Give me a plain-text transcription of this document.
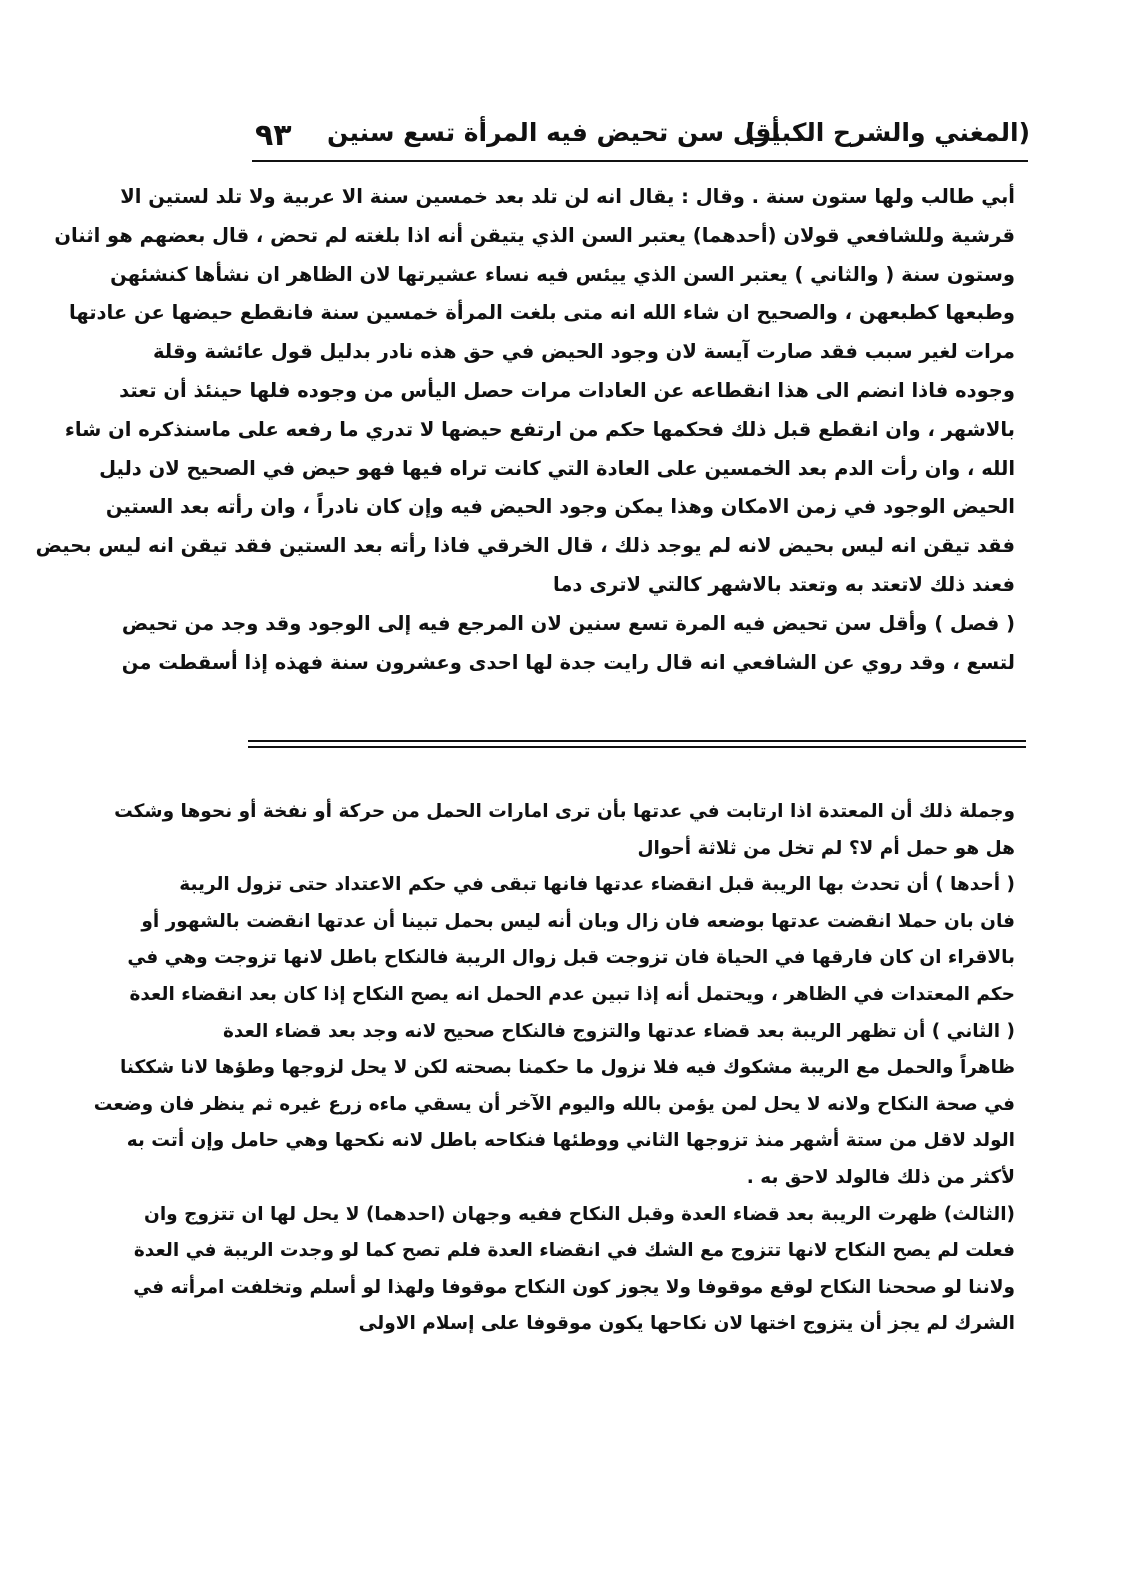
(المغني والشرح الكبير)
أقل سن تحيض فيه المرأة تسع سنين
٩٣
أبي طالب ولها ستون سنة . وقال : يقال انه لن تلد بعد خمسين سنة الا عربية ولا تلد لستين الا
قرشية وللشافعي قولان (أحدهما) يعتبر السن الذي يتيقن أنه اذا بلغته لم تحض ، قال بعضهم هو اثنان
وستون سنة ( والثاني ) يعتبر السن الذي ييئس فيه نساء عشيرتها لان الظاهر ان نشأها كنشئهن
وطبعها كطبعهن ، والصحيح ان شاء الله انه متى بلغت المرأة خمسين سنة فانقطع حيضها عن عادتها
مرات لغير سبب فقد صارت آيسة لان وجود الحيض في حق هذه نادر بدليل قول عائشة وقلة
وجوده فاذا انضم الى هذا انقطاعه عن العادات مرات حصل اليأس من وجوده فلها حينئذ أن تعتد
بالاشهر ، وان انقطع قبل ذلك فحكمها حكم من ارتفع حيضها لا تدري ما رفعه على ماسنذكره ان شاء
الله ، وان رأت الدم بعد الخمسين على العادة التي كانت تراه فيها فهو حيض في الصحيح لان دليل
الحيض الوجود في زمن الامكان وهذا يمكن وجود الحيض فيه وإن كان نادراً ، وان رأته بعد الستين
فقد تيقن انه ليس بحيض لانه لم يوجد ذلك ، قال الخرقي فاذا رأته بعد الستين فقد تيقن انه ليس بحيض
فعند ذلك لاتعتد به وتعتد بالاشهر كالتي لاترى دما
( فصل ) وأقل سن تحيض فيه المرة تسع سنين لان المرجع فيه إلى الوجود وقد وجد من تحيض
لتسع ، وقد روي عن الشافعي انه قال رايت جدة لها احدى وعشرون سنة فهذه إذا أسقطت من
وجملة ذلك أن المعتدة اذا ارتابت في عدتها بأن ترى امارات الحمل من حركة أو نفخة أو نحوها وشكت
هل هو حمل أم لا؟ لم تخل من ثلاثة أحوال
( أحدها ) أن تحدث بها الريبة قبل انقضاء عدتها فانها تبقى في حكم الاعتداد حتى تزول الريبة
فان بان حملا انقضت عدتها بوضعه فان زال وبان أنه ليس بحمل تبينا أن عدتها انقضت بالشهور أو
بالاقراء ان كان فارقها في الحياة فان تزوجت قبل زوال الريبة فالنكاح باطل لانها تزوجت وهي في
حكم المعتدات في الظاهر ، ويحتمل أنه إذا تبين عدم الحمل انه يصح النكاح إذا كان بعد انقضاء العدة
( الثاني ) أن تظهر الريبة بعد قضاء عدتها والتزوج فالنكاح صحيح لانه وجد بعد قضاء العدة
ظاهراً والحمل مع الريبة مشكوك فيه فلا نزول ما حكمنا بصحته لكن لا يحل لزوجها وطؤها لانا شككنا
في صحة النكاح ولانه لا يحل لمن يؤمن بالله واليوم الآخر أن يسقي ماءه زرع غيره ثم ينظر فان وضعت
الولد لاقل من ستة أشهر منذ تزوجها الثاني ووطئها فنكاحه باطل لانه نكحها وهي حامل وإن أتت به
لأكثر من ذلك فالولد لاحق به .
(الثالث) ظهرت الريبة بعد قضاء العدة وقبل النكاح ففيه وجهان (احدهما) لا يحل لها ان تتزوج وان
فعلت لم يصح النكاح لانها تتزوج مع الشك في انقضاء العدة فلم تصح كما لو وجدت الريبة في العدة
ولاننا لو صححنا النكاح لوقع موقوفا ولا يجوز كون النكاح موقوفا ولهذا لو أسلم وتخلفت امرأته في
الشرك لم يجز أن يتزوج اختها لان نكاحها يكون موقوفا على إسلام الاولى
